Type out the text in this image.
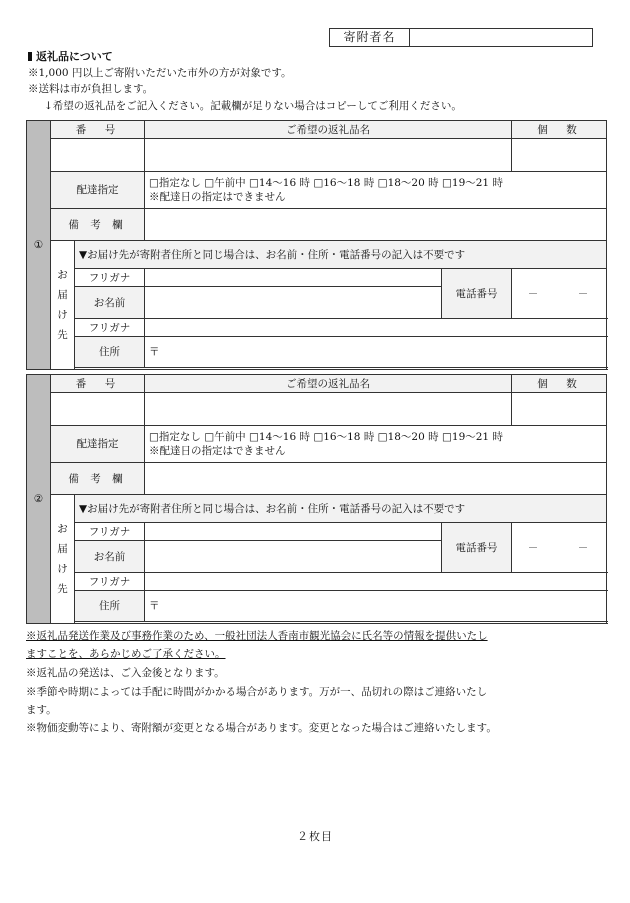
寄附者名
返礼品について
※1,000 円以上ご寄附いただいた市外の方が対象です。
※送料は市が負担します。
↓希望の返礼品をご記入ください。記載欄が足りない場合はコピーしてご利用ください。
①	番　号		ご希望の返礼品名		個　数

	配達指定		□指定なし □午前中 □14～16 時 □16～18 時 □18～20 時 □19～21 時
※配達日の指定はできません		

	備 考 欄				

	お届け先	▼お届け先が寄附者住所と同じ場合は、お名前・住所・電話番号の記入は不要です			
		フリガナ		電話番号	－　　　－
		お名前			
		フリガナ			
		住所	〒		

②	番　号		ご希望の返礼品名		個　数

	配達指定		□指定なし □午前中 □14～16 時 □16～18 時 □18～20 時 □19～21 時
※配達日の指定はできません		

	備 考 欄				

	お届け先	▼お届け先が寄附者住所と同じ場合は、お名前・住所・電話番号の記入は不要です			
		フリガナ		電話番号	－　　　－
		お名前			
		フリガナ			
		住所	〒		

※返礼品発送作業及び事務作業のため、一般社団法人香南市観光協会に氏名等の情報を提供いたし
ますことを、あらかじめご了承ください。
※返礼品の発送は、ご入金後となります。
※季節や時期によっては手配に時間がかかる場合があります。万が一、品切れの際はご連絡いたし
ます。
※物価変動等により、寄附額が変更となる場合があります。変更となった場合はご連絡いたします。
２枚目
